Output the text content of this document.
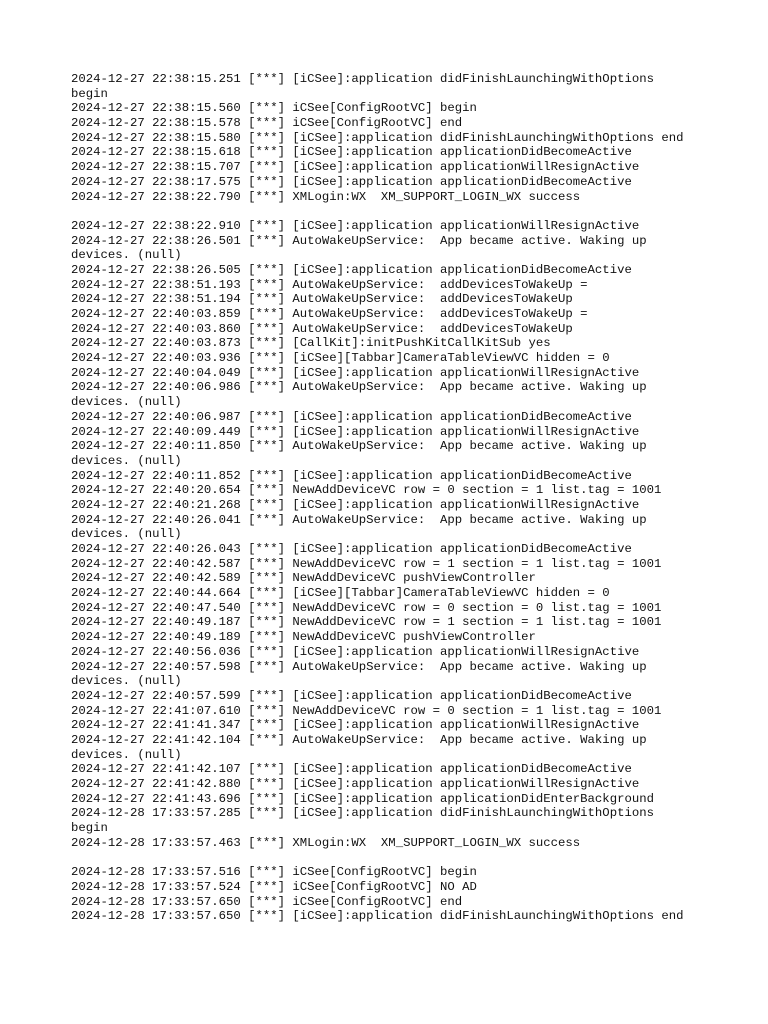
2024-12-27 22:38:15.251 [***] [iCSee]:application didFinishLaunchingWithOptions
begin
2024-12-27 22:38:15.560 [***] iCSee[ConfigRootVC] begin
2024-12-27 22:38:15.578 [***] iCSee[ConfigRootVC] end
2024-12-27 22:38:15.580 [***] [iCSee]:application didFinishLaunchingWithOptions end
2024-12-27 22:38:15.618 [***] [iCSee]:application applicationDidBecomeActive
2024-12-27 22:38:15.707 [***] [iCSee]:application applicationWillResignActive
2024-12-27 22:38:17.575 [***] [iCSee]:application applicationDidBecomeActive
2024-12-27 22:38:22.790 [***] XMLogin:WX  XM_SUPPORT_LOGIN_WX success
2024-12-27 22:38:22.910 [***] [iCSee]:application applicationWillResignActive
2024-12-27 22:38:26.501 [***] AutoWakeUpService:  App became active. Waking up
devices. (null)
2024-12-27 22:38:26.505 [***] [iCSee]:application applicationDidBecomeActive
2024-12-27 22:38:51.193 [***] AutoWakeUpService:  addDevicesToWakeUp =
2024-12-27 22:38:51.194 [***] AutoWakeUpService:  addDevicesToWakeUp
2024-12-27 22:40:03.859 [***] AutoWakeUpService:  addDevicesToWakeUp =
2024-12-27 22:40:03.860 [***] AutoWakeUpService:  addDevicesToWakeUp
2024-12-27 22:40:03.873 [***] [CallKit]:initPushKitCallKitSub yes
2024-12-27 22:40:03.936 [***] [iCSee][Tabbar]CameraTableViewVC hidden = 0
2024-12-27 22:40:04.049 [***] [iCSee]:application applicationWillResignActive
2024-12-27 22:40:06.986 [***] AutoWakeUpService:  App became active. Waking up
devices. (null)
2024-12-27 22:40:06.987 [***] [iCSee]:application applicationDidBecomeActive
2024-12-27 22:40:09.449 [***] [iCSee]:application applicationWillResignActive
2024-12-27 22:40:11.850 [***] AutoWakeUpService:  App became active. Waking up
devices. (null)
2024-12-27 22:40:11.852 [***] [iCSee]:application applicationDidBecomeActive
2024-12-27 22:40:20.654 [***] NewAddDeviceVC row = 0 section = 1 list.tag = 1001
2024-12-27 22:40:21.268 [***] [iCSee]:application applicationWillResignActive
2024-12-27 22:40:26.041 [***] AutoWakeUpService:  App became active. Waking up
devices. (null)
2024-12-27 22:40:26.043 [***] [iCSee]:application applicationDidBecomeActive
2024-12-27 22:40:42.587 [***] NewAddDeviceVC row = 1 section = 1 list.tag = 1001
2024-12-27 22:40:42.589 [***] NewAddDeviceVC pushViewController
2024-12-27 22:40:44.664 [***] [iCSee][Tabbar]CameraTableViewVC hidden = 0
2024-12-27 22:40:47.540 [***] NewAddDeviceVC row = 0 section = 0 list.tag = 1001
2024-12-27 22:40:49.187 [***] NewAddDeviceVC row = 1 section = 1 list.tag = 1001
2024-12-27 22:40:49.189 [***] NewAddDeviceVC pushViewController
2024-12-27 22:40:56.036 [***] [iCSee]:application applicationWillResignActive
2024-12-27 22:40:57.598 [***] AutoWakeUpService:  App became active. Waking up
devices. (null)
2024-12-27 22:40:57.599 [***] [iCSee]:application applicationDidBecomeActive
2024-12-27 22:41:07.610 [***] NewAddDeviceVC row = 0 section = 1 list.tag = 1001
2024-12-27 22:41:41.347 [***] [iCSee]:application applicationWillResignActive
2024-12-27 22:41:42.104 [***] AutoWakeUpService:  App became active. Waking up
devices. (null)
2024-12-27 22:41:42.107 [***] [iCSee]:application applicationDidBecomeActive
2024-12-27 22:41:42.880 [***] [iCSee]:application applicationWillResignActive
2024-12-27 22:41:43.696 [***] [iCSee]:application applicationDidEnterBackground
2024-12-28 17:33:57.285 [***] [iCSee]:application didFinishLaunchingWithOptions
begin
2024-12-28 17:33:57.463 [***] XMLogin:WX  XM_SUPPORT_LOGIN_WX success
2024-12-28 17:33:57.516 [***] iCSee[ConfigRootVC] begin
2024-12-28 17:33:57.524 [***] iCSee[ConfigRootVC] NO AD
2024-12-28 17:33:57.650 [***] iCSee[ConfigRootVC] end
2024-12-28 17:33:57.650 [***] [iCSee]:application didFinishLaunchingWithOptions end
